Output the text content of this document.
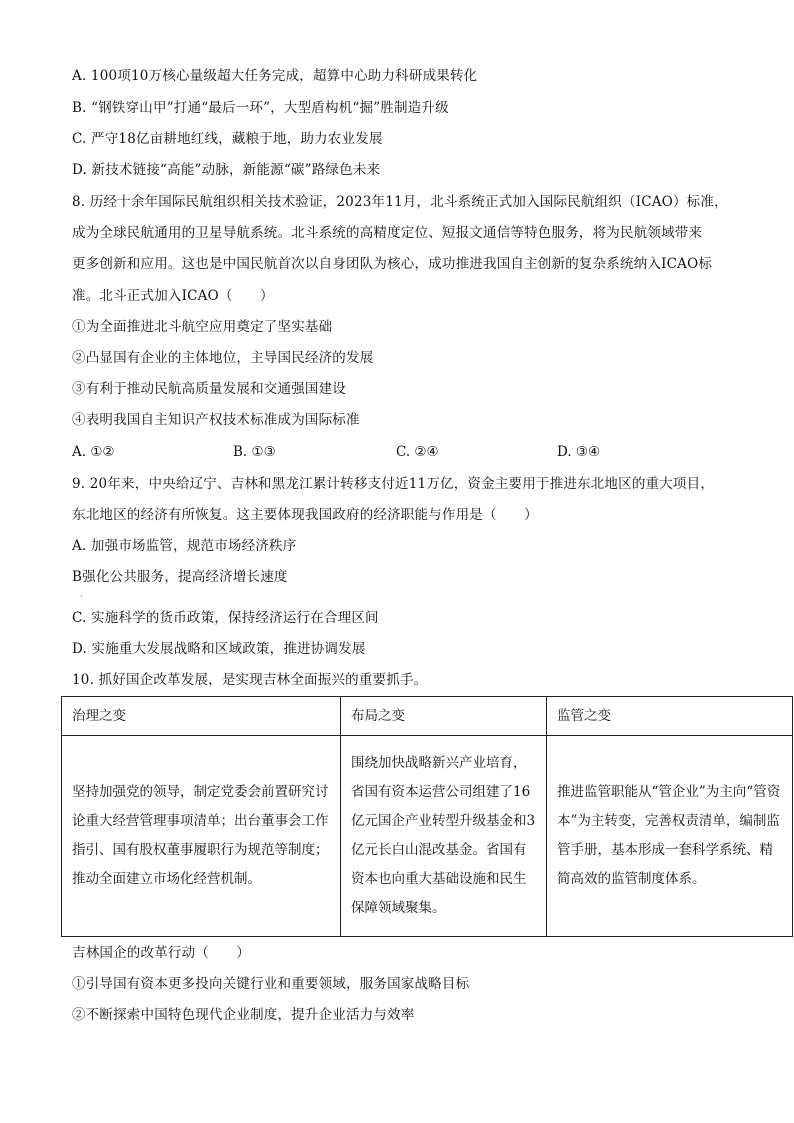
A. 100项10万核心量级超大任务完成，超算中心助力科研成果转化
B. “钢铁穿山甲”打通“最后一环”，大型盾构机“掘”胜制造升级
C. 严守18亿亩耕地红线，藏粮于地，助力农业发展
D. 新技术链接“高能”动脉，新能源“碳”路绿色未来
8. 历经十余年国际民航组织相关技术验证，2023年11月，北斗系统正式加入国际民航组织（ICAO）标准，
成为全球民航通用的卫星导航系统。北斗系统的高精度定位、短报文通信等特色服务，将为民航领域带来
更多创新和应用。这也是中国民航首次以自身团队为核心，成功推进我国自主创新的复杂系统纳入ICAO标
准。北斗正式加入ICAO（　　）
①为全面推进北斗航空应用奠定了坚实基础
②凸显国有企业的主体地位，主导国民经济的发展
③有利于推动民航高质量发展和交通强国建设
④表明我国自主知识产权技术标准成为国际标准
A. ①②	B. ①③	C. ②④	D. ③④
9. 20年来，中央给辽宁、吉林和黑龙江累计转移支付近11万亿，资金主要用于推进东北地区的重大项目，
东北地区的经济有所恢复。这主要体现我国政府的经济职能与作用是（　　）
A. 加强市场监管，规范市场经济秩序
B强化公共服务，提高经济增长速度
·
C. 实施科学的货币政策，保持经济运行在合理区间
D. 实施重大发展战略和区域政策，推进协调发展
10. 抓好国企改革发展，是实现吉林全面振兴的重要抓手。
治理之变	布局之变	监管之变
坚持加强党的领导，制定党委会前置研究讨论重大经营管理事项清单；出台董事会工作指引、国有股权董事履职行为规范等制度；推动全面建立市场化经营机制。	围绕加快战略新兴产业培育，省国有资本运营公司组建了16亿元国企产业转型升级基金和3亿元长白山混改基金。省国有资本也向重大基础设施和民生保障领域聚集。	推进监管职能从“管企业”为主向“管资本”为主转变，完善权责清单，编制监管手册，基本形成一套科学系统、精简高效的监管制度体系。
吉林国企的改革行动（　　）
①引导国有资本更多投向关键行业和重要领域，服务国家战略目标
②不断探索中国特色现代企业制度，提升企业活力与效率
